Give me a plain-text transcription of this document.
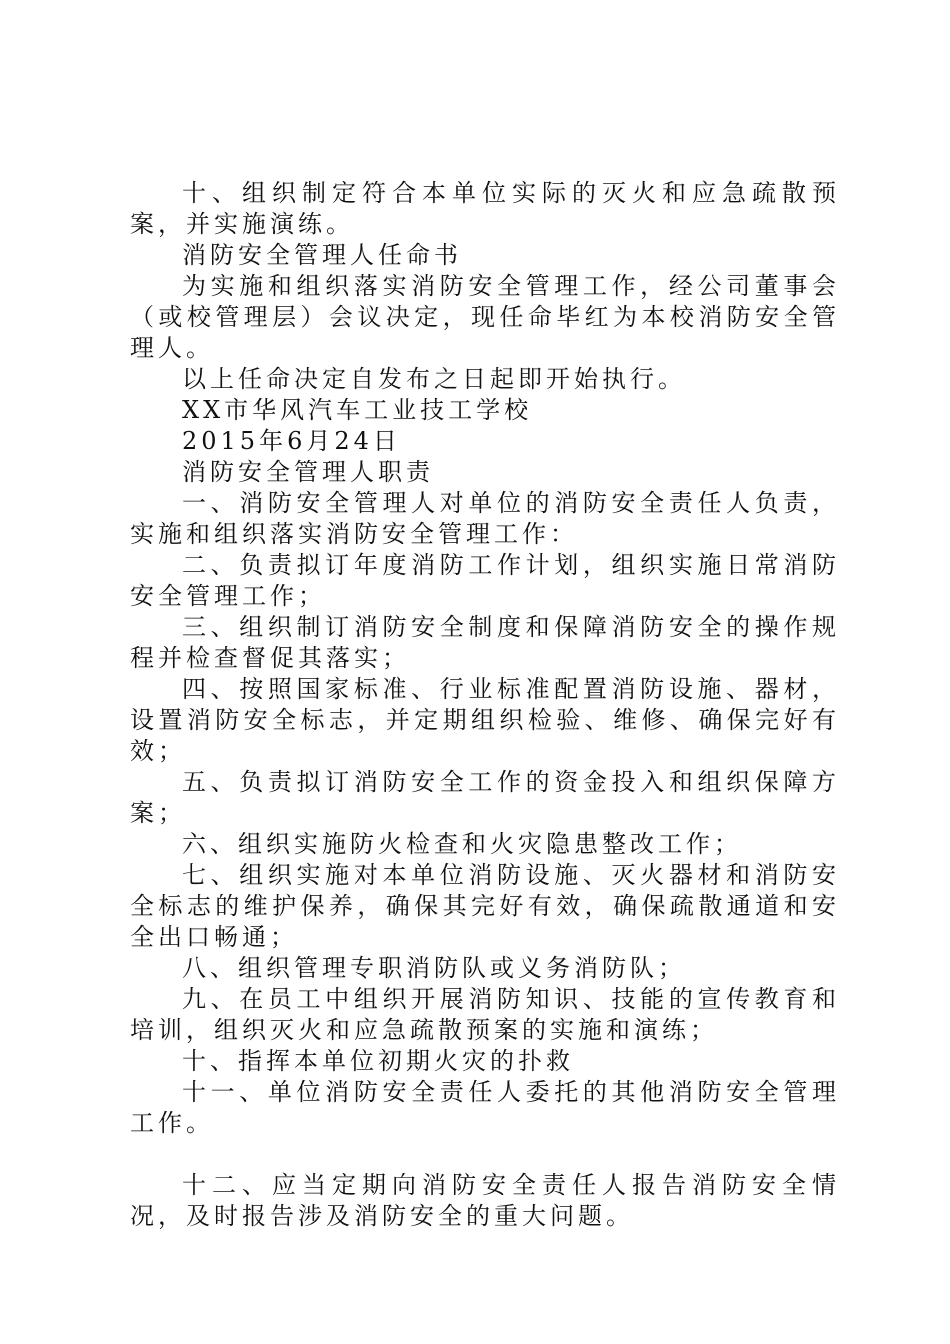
十、组织制定符合本单位实际的灭火和应急疏散预案，并实施演练。

消防安全管理人任命书

为实施和组织落实消防安全管理工作，经公司董事会（或校管理层）会议决定，现任命毕红为本校消防安全管理人。

以上任命决定自发布之日起即开始执行。

XX市华风汽车工业技工学校

2015年6月24日

消防安全管理人职责

一、消防安全管理人对单位的消防安全责任人负责，实施和组织落实消防安全管理工作：

二、负责拟订年度消防工作计划，组织实施日常消防安全管理工作；

三、组织制订消防安全制度和保障消防安全的操作规程并检查督促其落实；

四、按照国家标准、行业标准配置消防设施、器材，设置消防安全标志，并定期组织检验、维修、确保完好有效；

五、负责拟订消防安全工作的资金投入和组织保障方案；

六、组织实施防火检查和火灾隐患整改工作；

七、组织实施对本单位消防设施、灭火器材和消防安全标志的维护保养，确保其完好有效，确保疏散通道和安全出口畅通；

八、组织管理专职消防队或义务消防队；

九、在员工中组织开展消防知识、技能的宣传教育和培训，组织灭火和应急疏散预案的实施和演练；

十、指挥本单位初期火灾的扑救

十一、单位消防安全责任人委托的其他消防安全管理工作。

十二、应当定期向消防安全责任人报告消防安全情况，及时报告涉及消防安全的重大问题。
